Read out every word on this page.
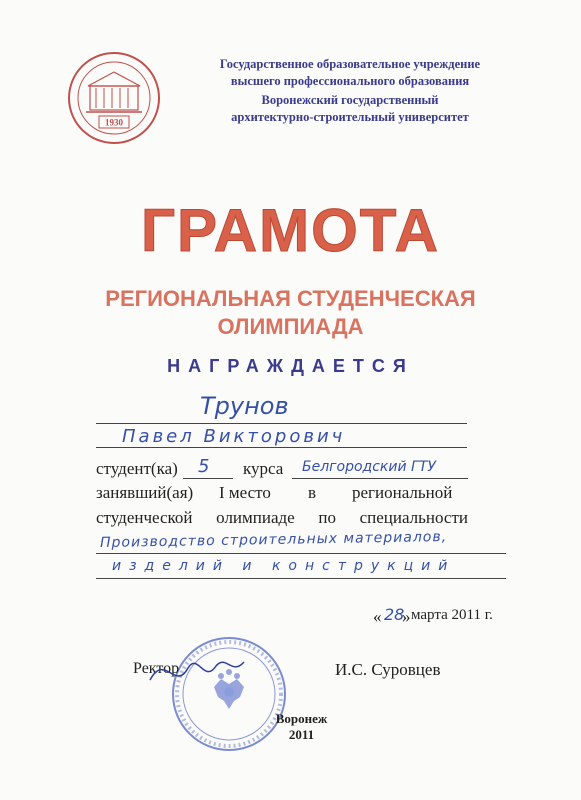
1930
Государственное образовательное учреждение
высшего профессионального образования
Воронежский государственный
архитектурно-строительный университет
ГРАМОТА
РЕГИОНАЛЬНАЯ СТУДЕНЧЕСКАЯ
ОЛИМПИАДА
НАГРАЖДАЕТСЯ
Трунов
Павел Викторович
студент(ка) 5 курса Белгородский ГТУ
занявший(ая) I место в региональной
студенческой олимпиаде по специальности
Производство строительных материалов,
изделий и конструкций
« 28
» марта 2011 г.
Ректор	И.С. Суровцев
Воронеж
2011
